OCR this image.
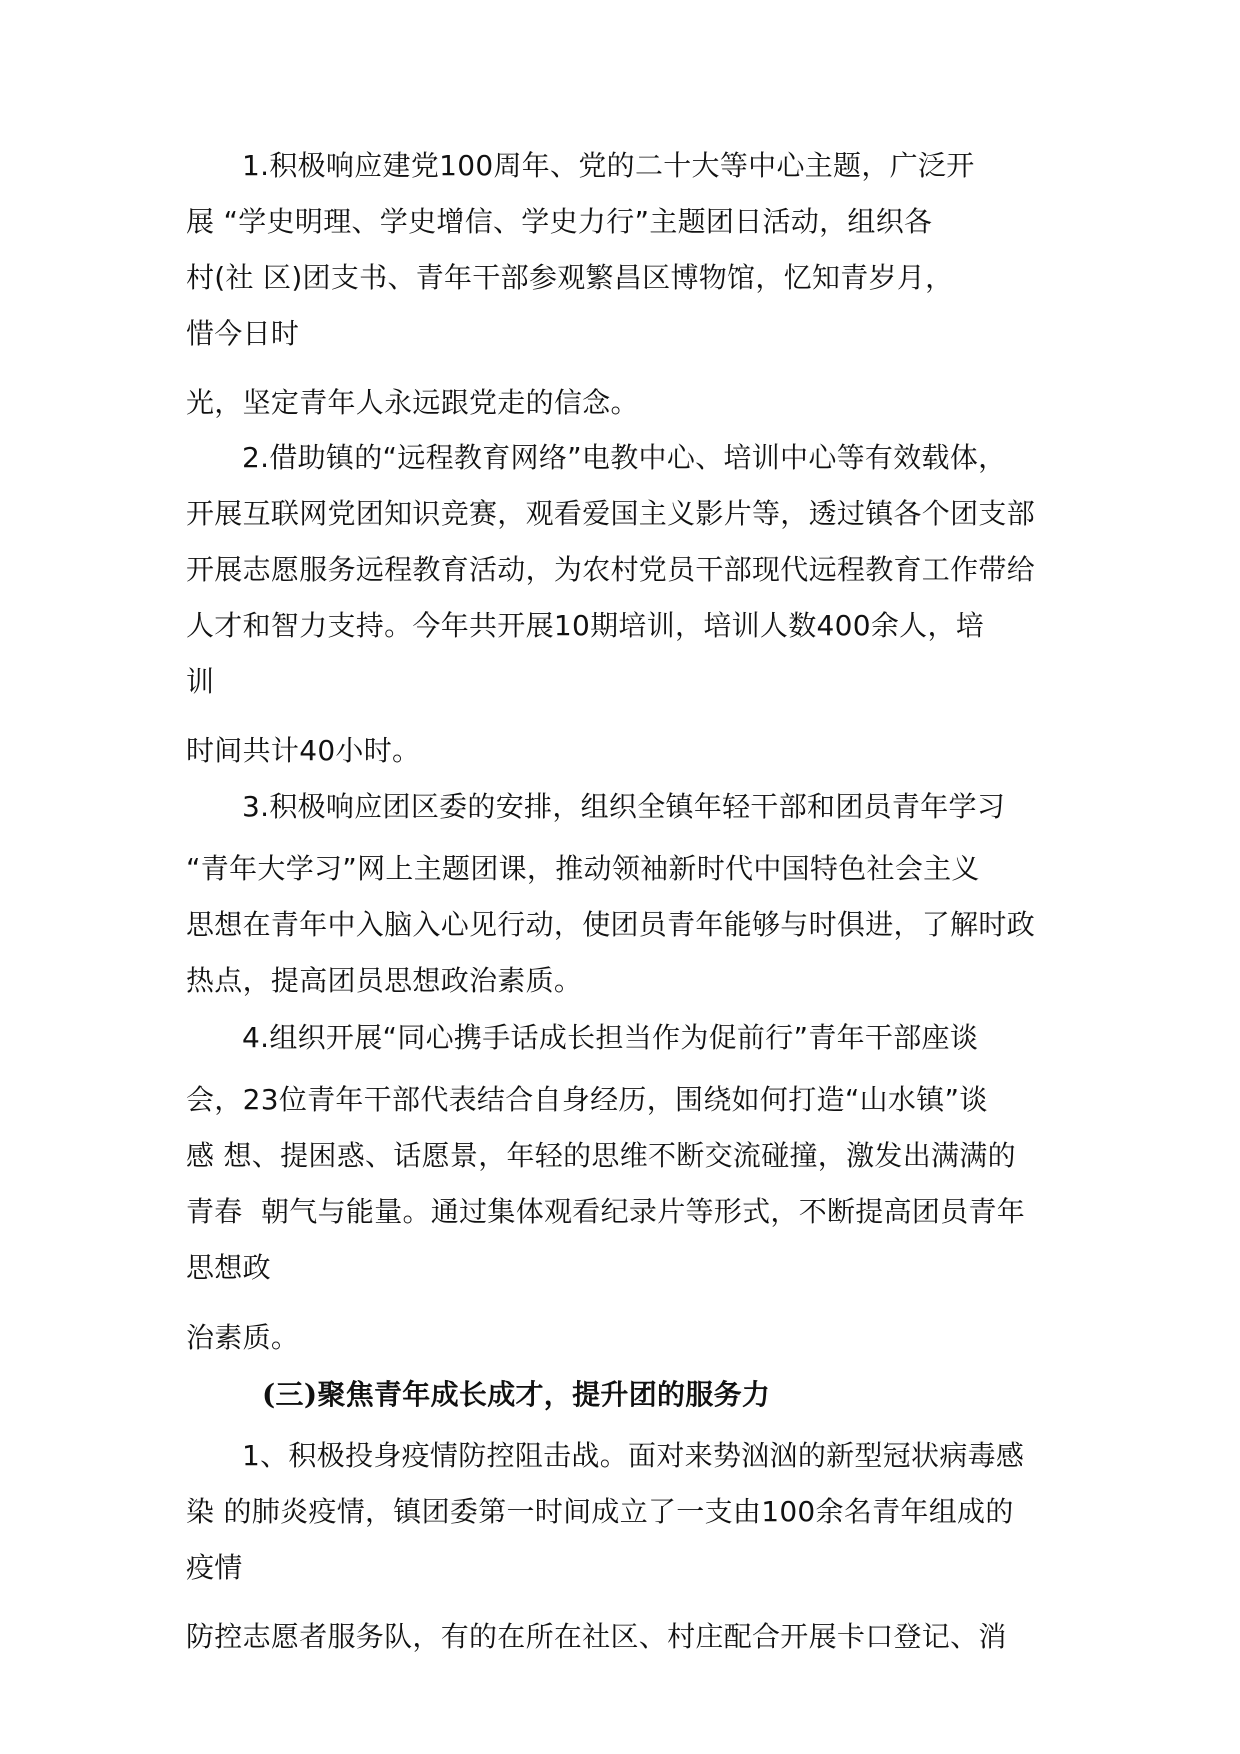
1.积极响应建党100周年、党的二十大等中心主题，广泛开
展 “学史明理、学史增信、学史力行”主题团日活动，组织各
村(社 区)团支书、青年干部参观繁昌区博物馆，忆知青岁月，
惜今日时
光，坚定青年人永远跟党走的信念。
2.借助镇的“远程教育网络”电教中心、培训中心等有效载体，
开展互联网党团知识竞赛，观看爱国主义影片等，透过镇各个团支部
开展志愿服务远程教育活动，为农村党员干部现代远程教育工作带给
人才和智力支持。今年共开展10期培训，培训人数400余人，培
训
时间共计40小时。
3.积极响应团区委的安排，组织全镇年轻干部和团员青年学习
“青年大学习”网上主题团课，推动领袖新时代中国特色社会主义
思想在青年中入脑入心见行动，使团员青年能够与时俱进，了解时政
热点，提高团员思想政治素质。
4.组织开展“同心携手话成长担当作为促前行”青年干部座谈
会，23位青年干部代表结合自身经历，围绕如何打造“山水镇”谈
感 想、提困惑、话愿景，年轻的思维不断交流碰撞，激发出满满的
青春  朝气与能量。通过集体观看纪录片等形式，不断提高团员青年
思想政
治素质。
(三)聚焦青年成长成才，提升团的服务力
1、积极投身疫情防控阻击战。面对来势汹汹的新型冠状病毒感
染 的肺炎疫情，镇团委第一时间成立了一支由100余名青年组成的
疫情
防控志愿者服务队，有的在所在社区、村庄配合开展卡口登记、消
